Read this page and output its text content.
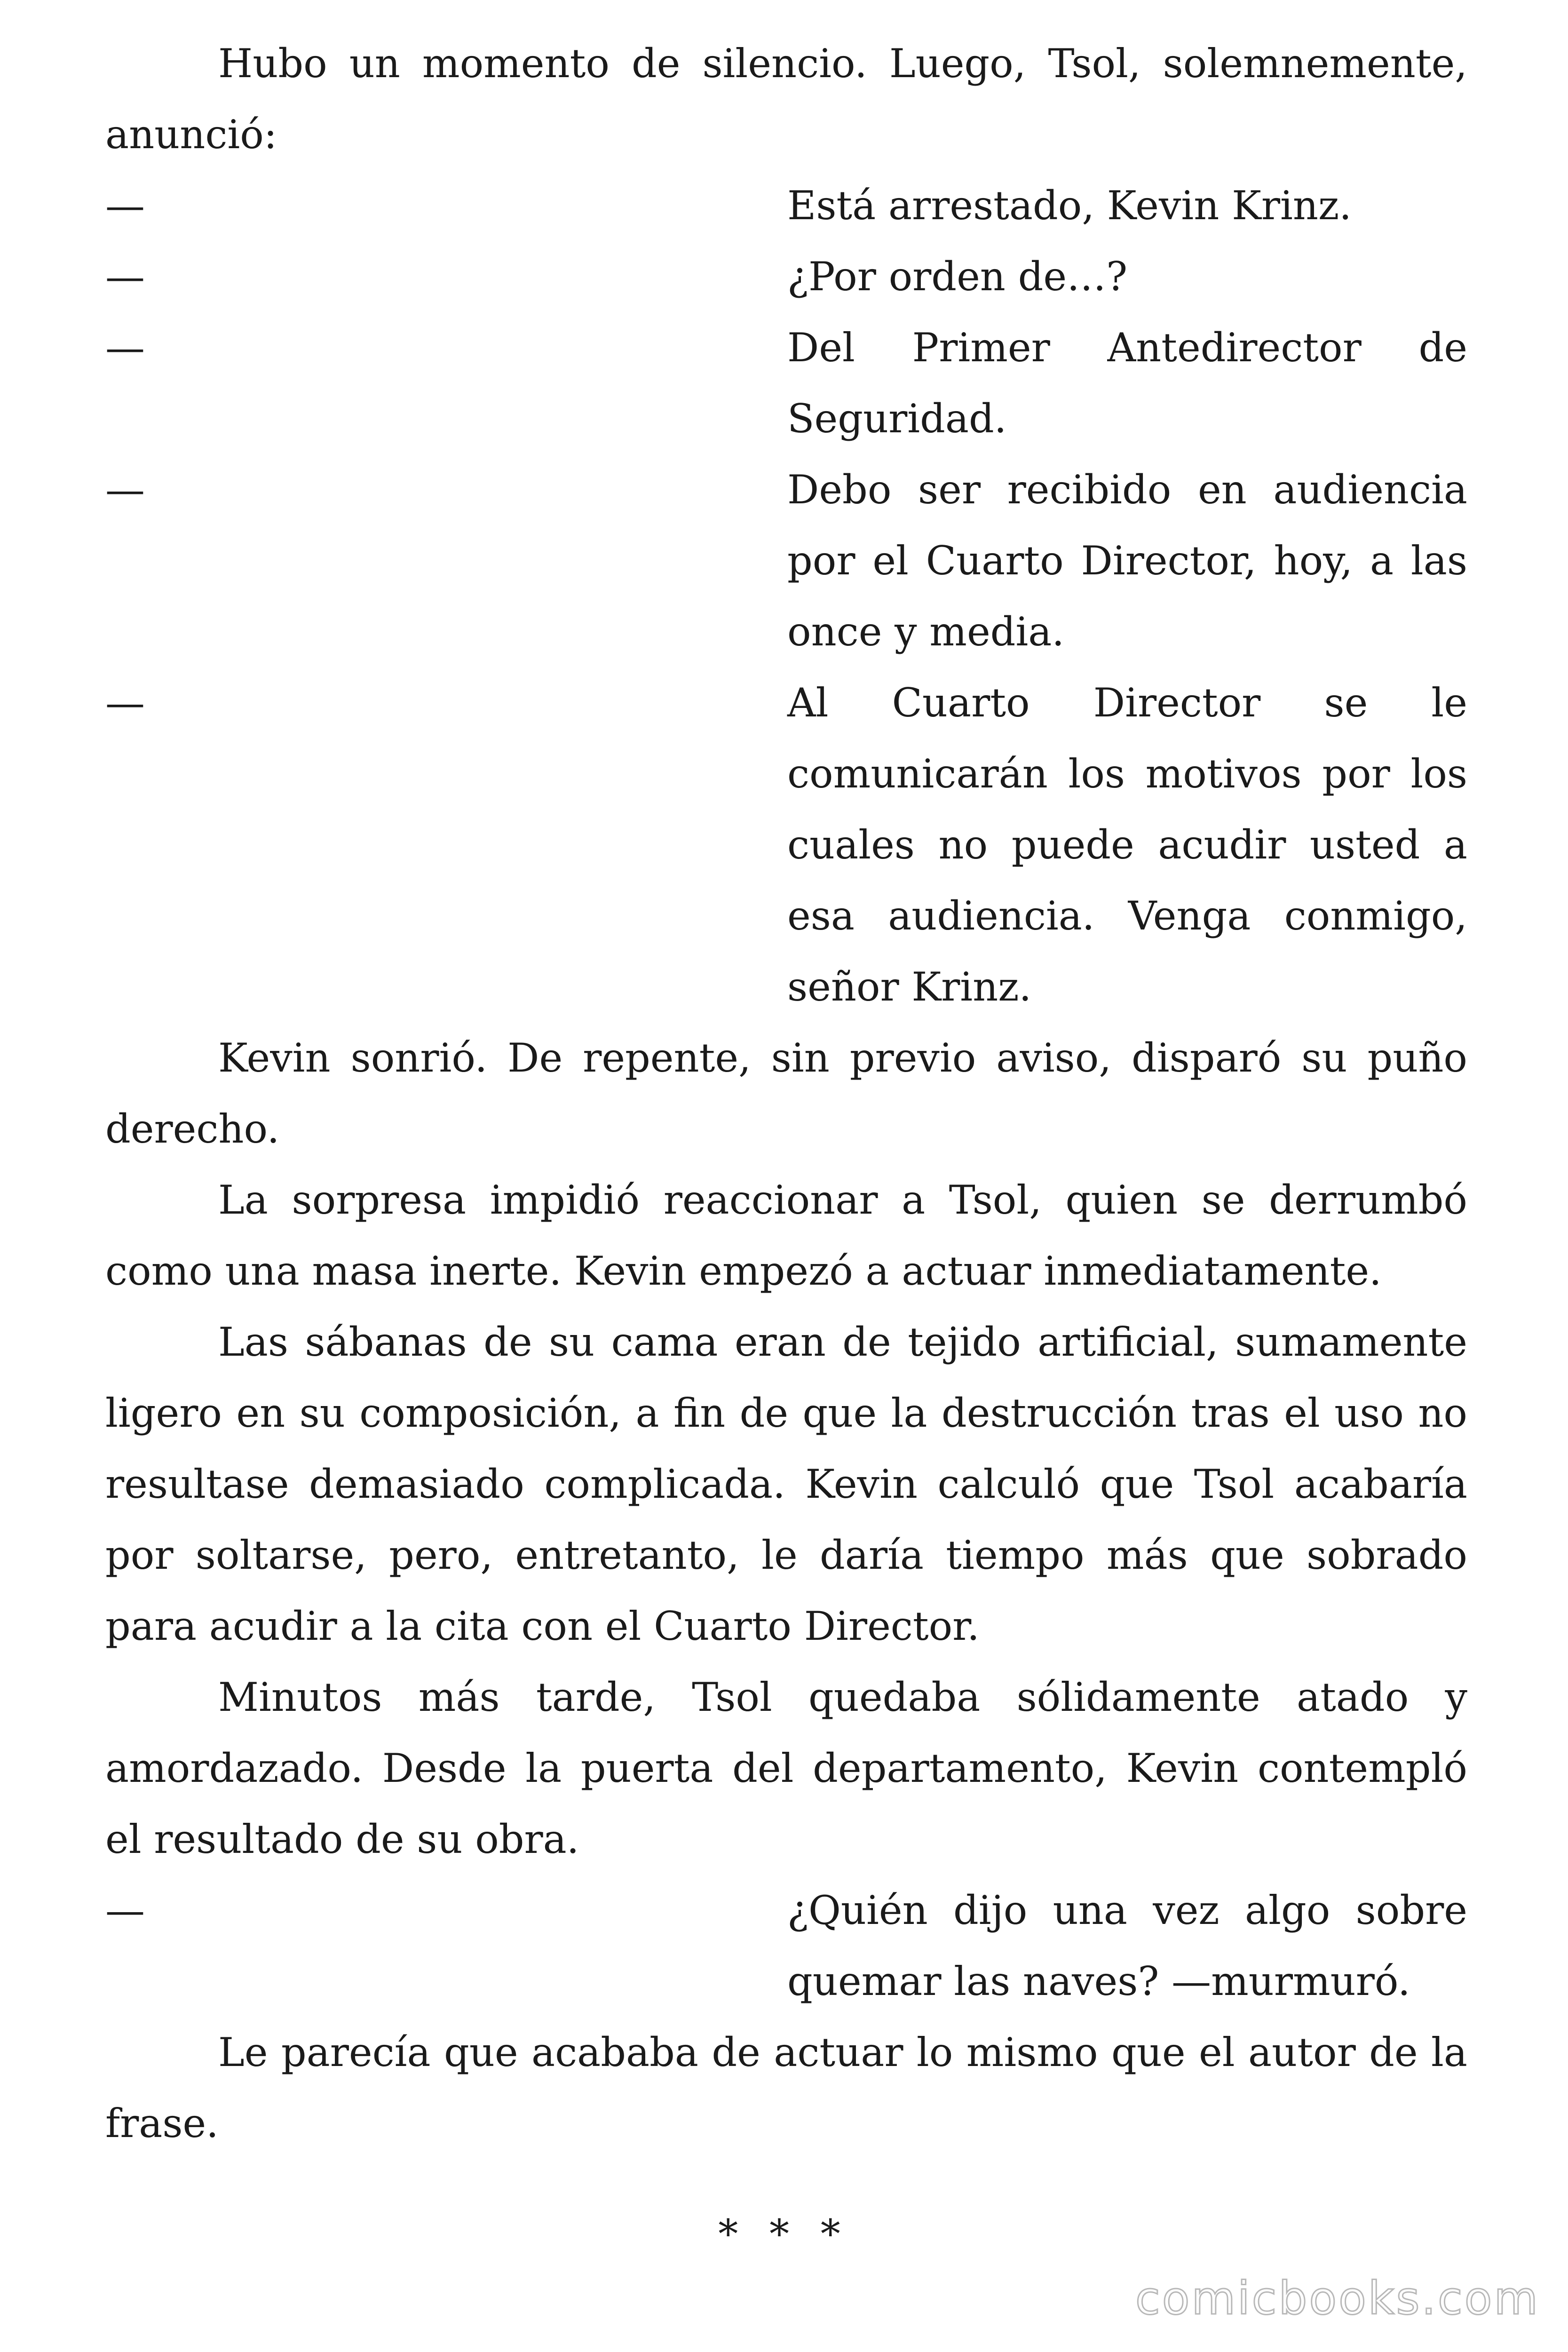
Hubo un momento de silencio. Luego, Tsol, solemnemente, anunció:

—	Está arrestado, Kevin Krinz.
—	¿Por orden de…?
—	Del Primer Antedirector de Seguridad.
—	Debo ser recibido en audiencia por el Cuarto Director, hoy, a las once y media.
—	Al Cuarto Director se le comunicarán los motivos por los cuales no puede acudir usted a esa audiencia. Venga conmigo, señor Krinz.

Kevin sonrió. De repente, sin previo aviso, disparó su puño derecho.

La sorpresa impidió reaccionar a Tsol, quien se derrumbó como una masa inerte. Kevin empezó a actuar inmediatamente.

Las sábanas de su cama eran de tejido artificial, sumamente ligero en su composición, a fin de que la destrucción tras el uso no resultase demasiado complicada. Kevin calculó que Tsol acabaría por soltarse, pero, entretanto, le daría tiempo más que sobrado para acudir a la cita con el Cuarto Director.

Minutos más tarde, Tsol quedaba sólidamente atado y amordazado. Desde la puerta del departamento, Kevin contempló el resultado de su obra.

—	¿Quién dijo una vez algo sobre quemar las naves? —murmuró.

Le parecía que acababa de actuar lo mismo que el autor de la frase.

* * *
comicbooks.com
